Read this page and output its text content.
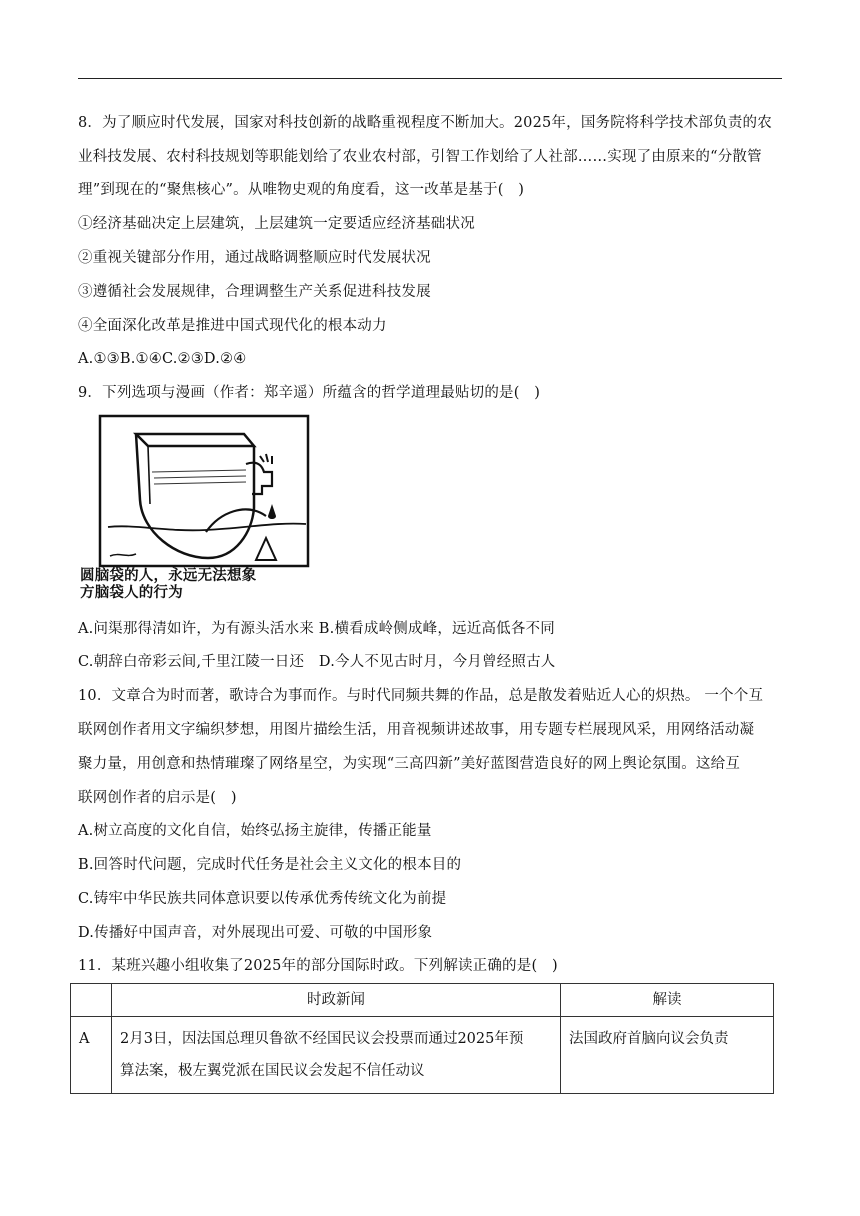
8．为了顺应时代发展，国家对科技创新的战略重视程度不断加大。2025年，国务院将科学技术部负责的农
业科技发展、农村科技规划等职能划给了农业农村部，引智工作划给了人社部……实现了由原来的“分散管
理”到现在的“聚焦核心”。从唯物史观的角度看，这一改革是基于(　)
①经济基础决定上层建筑，上层建筑一定要适应经济基础状况
②重视关键部分作用，通过战略调整顺应时代发展状况
③遵循社会发展规律，合理调整生产关系促进科技发展
④全面深化改革是推进中国式现代化的根本动力
A.①③B.①④C.②③D.②④
9．下列选项与漫画（作者：郑辛遥）所蕴含的哲学道理最贴切的是(　)
圆脑袋的人，永远无法想象
方脑袋人的行为
A.问渠那得清如许，为有源头活水来 B.横看成岭侧成峰，远近高低各不同
C.朝辞白帝彩云间,千里江陵一日还　D.今人不见古时月，今月曾经照古人
10．文章合为时而著，歌诗合为事而作。与时代同频共舞的作品，总是散发着贴近人心的炽热。 一个个互
联网创作者用文字编织梦想，用图片描绘生活，用音视频讲述故事，用专题专栏展现风采，用网络活动凝
聚力量，用创意和热情璀璨了网络星空，为实现“三高四新”美好蓝图营造良好的网上舆论氛围。这给互
联网创作者的启示是(　)
A.树立高度的文化自信，始终弘扬主旋律，传播正能量
B.回答时代问题，完成时代任务是社会主义文化的根本目的
C.铸牢中华民族共同体意识要以传承优秀传统文化为前提
D.传播好中国声音，对外展现出可爱、可敬的中国形象
11．某班兴趣小组收集了2025年的部分国际时政。下列解读正确的是(　)
	时政新闻	解读
A	2月3日，因法国总理贝鲁欲不经国民议会投票而通过2025年预
算法案，极左翼党派在国民议会发起不信任动议	法国政府首脑向议会负责
